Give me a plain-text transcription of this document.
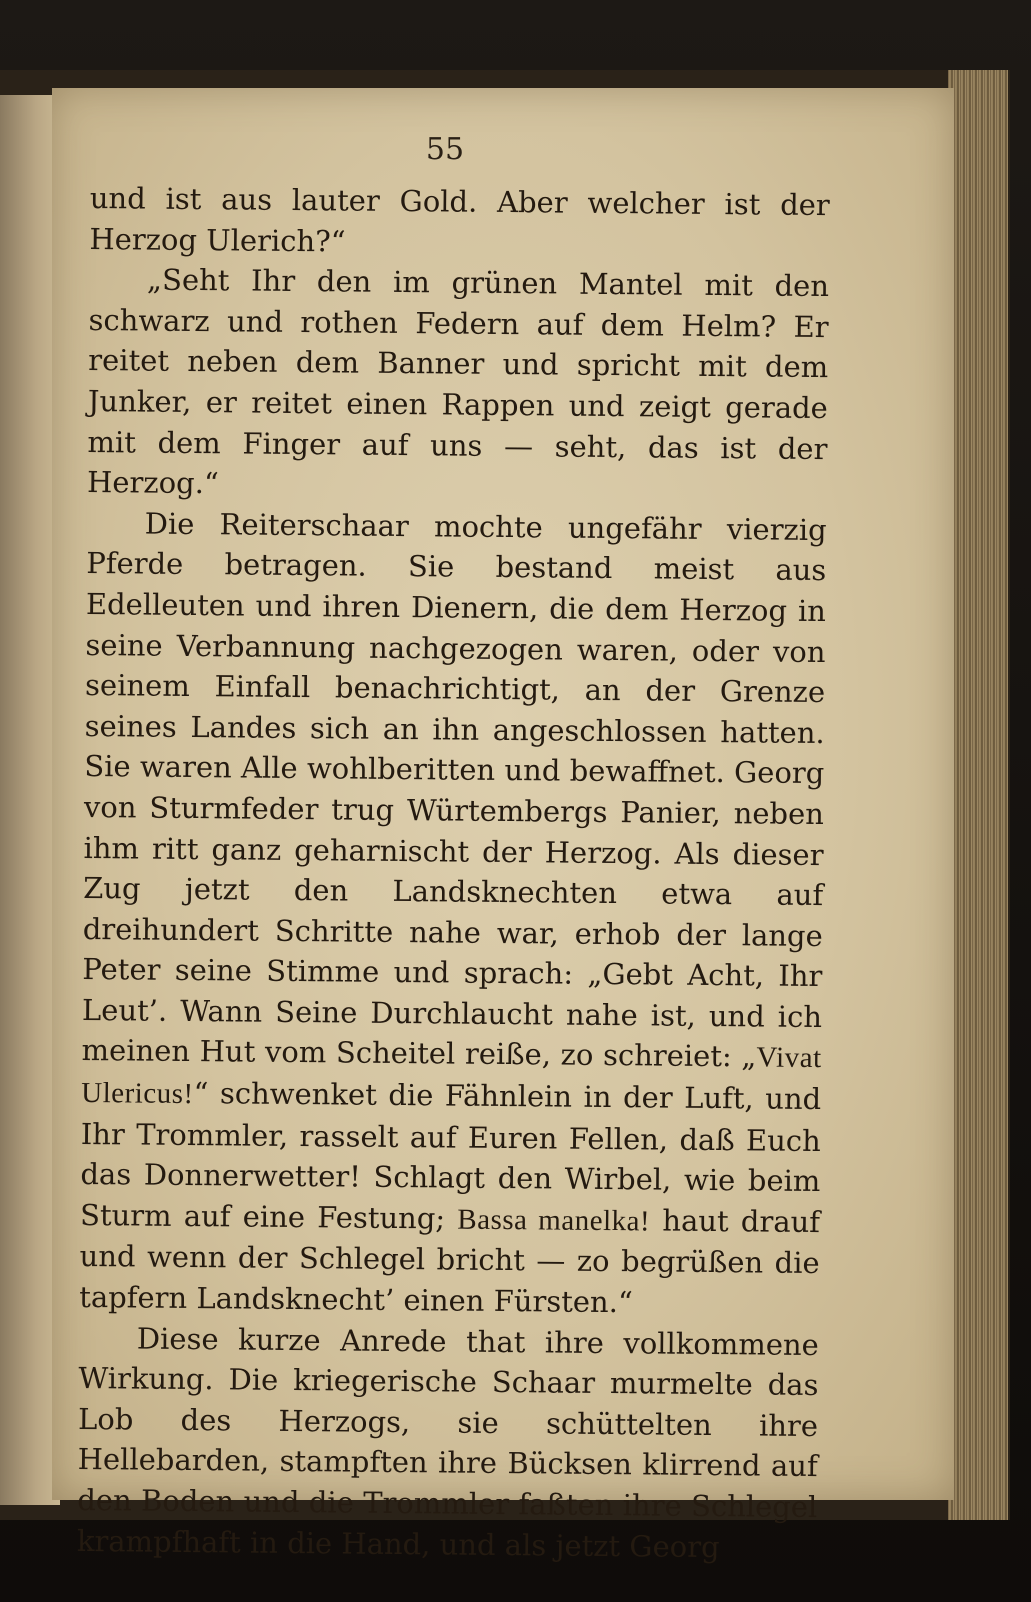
55

und ist aus lauter Gold. Aber welcher ist der Herzog Ulerich?“

„Seht Ihr den im grünen Mantel mit den schwarz und rothen Federn auf dem Helm? Er reitet neben dem Banner und spricht mit dem Junker, er reitet einen Rappen und zeigt gerade mit dem Finger auf uns — seht, das ist der Herzog.“

Die Reiterschaar mochte ungefähr vierzig Pferde betragen. Sie bestand meist aus Edelleuten und ihren Dienern, die dem Herzog in seine Verbannung nachgezogen waren, oder von seinem Einfall benachrichtigt, an der Grenze seines Landes sich an ihn angeschlossen hatten. Sie waren Alle wohlberitten und bewaffnet. Georg von Sturmfeder trug Würtembergs Panier, neben ihm ritt ganz geharnischt der Herzog. Als dieser Zug jetzt den Landsknechten etwa auf dreihundert Schritte nahe war, erhob der lange Peter seine Stimme und sprach: „Gebt Acht, Ihr Leut’. Wann Seine Durchlaucht nahe ist, und ich meinen Hut vom Scheitel reiße, zo schreiet: „Vivat Ulericus!“ schwenket die Fähnlein in der Luft, und Ihr Trommler, rasselt auf Euren Fellen, daß Euch das Donnerwetter! Schlagt den Wirbel, wie beim Sturm auf eine Festung; Bassa manelka! haut drauf und wenn der Schlegel bricht — zo begrüßen die tapfern Landsknecht’ einen Fürsten.“

Diese kurze Anrede that ihre vollkommene Wirkung. Die kriegerische Schaar murmelte das Lob des Herzogs, sie schüttelten ihre Hellebarden, stampften ihre Bücksen klirrend auf den Boden und die Trommler faßten ihre Schlegel krampfhaft in die Hand, und als jetzt Georg
